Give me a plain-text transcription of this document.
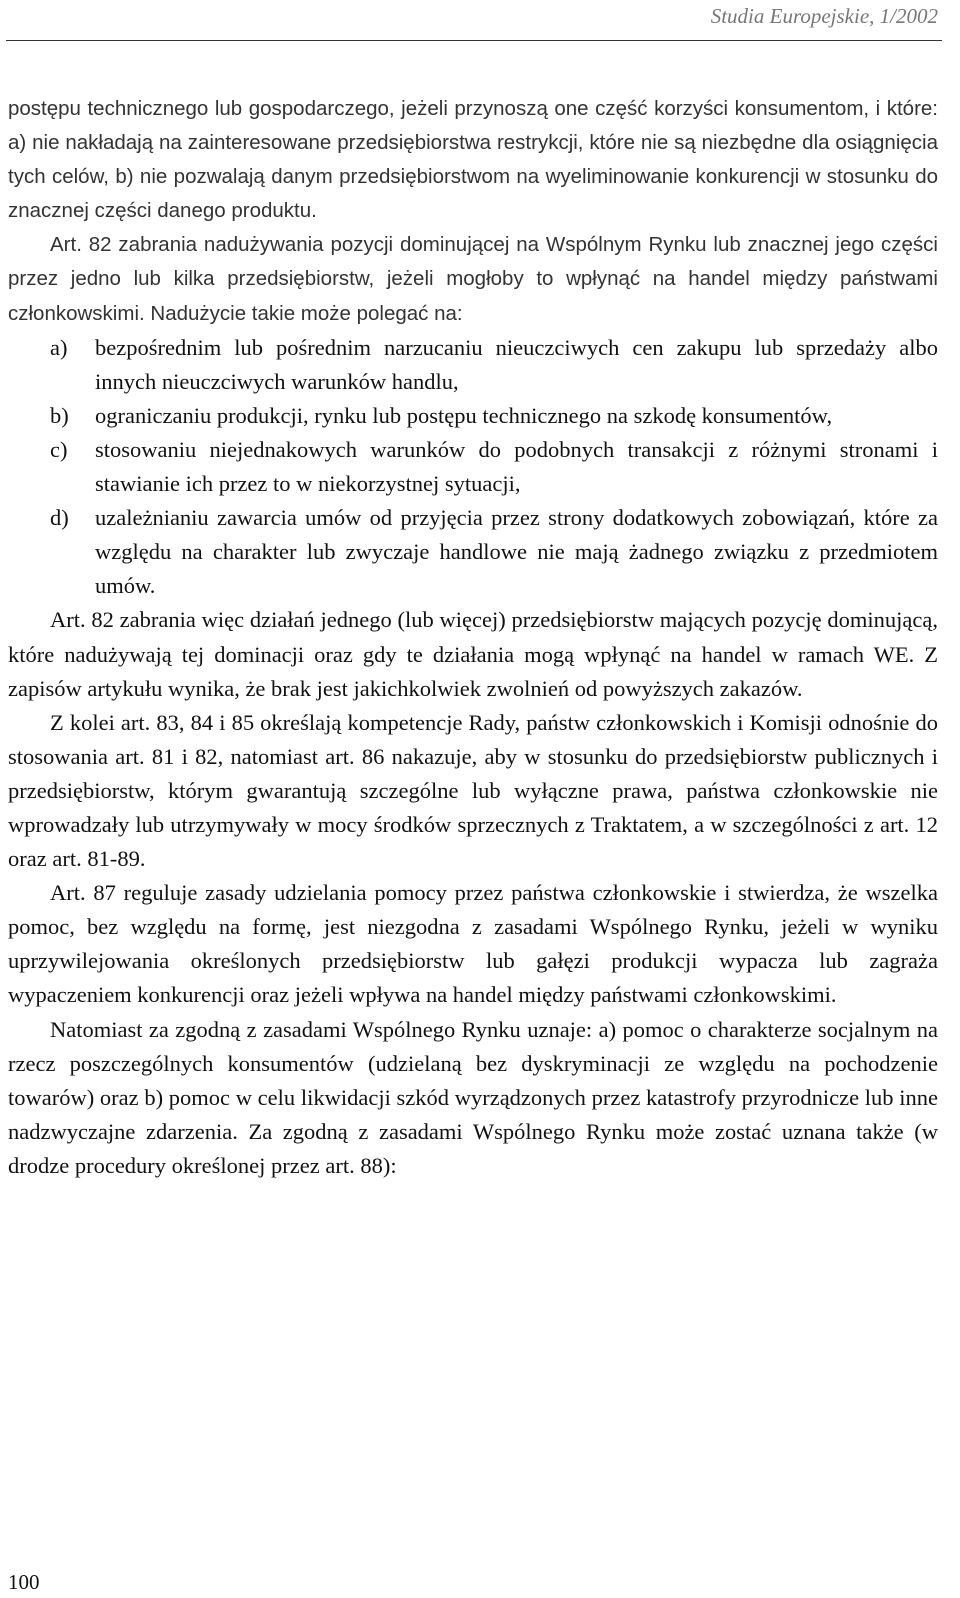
Studia Europejskie, 1/2002

postępu technicznego lub gospodarczego, jeżeli przynoszą one część korzyści konsumentom, i które: a) nie nakładają na zainteresowane przedsiębiorstwa restrykcji, które nie są niezbędne dla osiągnięcia tych celów, b) nie pozwalają danym przedsiębiorstwom na wyeliminowanie konkurencji w stosunku do znacznej części danego produktu.

Art. 82 zabrania nadużywania pozycji dominującej na Wspólnym Rynku lub znacznej jego części przez jedno lub kilka przedsiębiorstw, jeżeli mogłoby to wpłynąć na handel między państwami członkowskimi. Nadużycie takie może polegać na:

a) bezpośrednim lub pośrednim narzucaniu nieuczciwych cen zakupu lub sprzedaży albo innych nieuczciwych warunków handlu,
b) ograniczaniu produkcji, rynku lub postępu technicznego na szkodę konsumentów,
c) stosowaniu niejednakowych warunków do podobnych transakcji z różnymi stronami i stawianie ich przez to w niekorzystnej sytuacji,
d) uzależnianiu zawarcia umów od przyjęcia przez strony dodatkowych zobowiązań, które za względu na charakter lub zwyczaje handlowe nie mają żadnego związku z przedmiotem umów.

Art. 82 zabrania więc działań jednego (lub więcej) przedsiębiorstw mających pozycję dominującą, które nadużywają tej dominacji oraz gdy te działania mogą wpłynąć na handel w ramach WE. Z zapisów artykułu wynika, że brak jest jakichkolwiek zwolnień od powyższych zakazów.

Z kolei art. 83, 84 i 85 określają kompetencje Rady, państw członkowskich i Komisji odnośnie do stosowania art. 81 i 82, natomiast art. 86 nakazuje, aby w stosunku do przedsiębiorstw publicznych i przedsiębiorstw, którym gwarantują szczególne lub wyłączne prawa, państwa członkowskie nie wprowadzały lub utrzymywały w mocy środków sprzecznych z Traktatem, a w szczególności z art. 12 oraz art. 81-89.

Art. 87 reguluje zasady udzielania pomocy przez państwa członkowskie i stwierdza, że wszelka pomoc, bez względu na formę, jest niezgodna z zasadami Wspólnego Rynku, jeżeli w wyniku uprzywilejowania określonych przedsiębiorstw lub gałęzi produkcji wypacza lub zagraża wypaczeniem konkurencji oraz jeżeli wpływa na handel między państwami członkowskimi.

Natomiast za zgodną z zasadami Wspólnego Rynku uznaje: a) pomoc o charakterze socjalnym na rzecz poszczególnych konsumentów (udzielaną bez dyskryminacji ze względu na pochodzenie towarów) oraz b) pomoc w celu likwidacji szkód wyrządzonych przez katastrofy przyrodnicze lub inne nadzwyczajne zdarzenia. Za zgodną z zasadami Wspólnego Rynku może zostać uznana także (w drodze procedury określonej przez art. 88):

100
